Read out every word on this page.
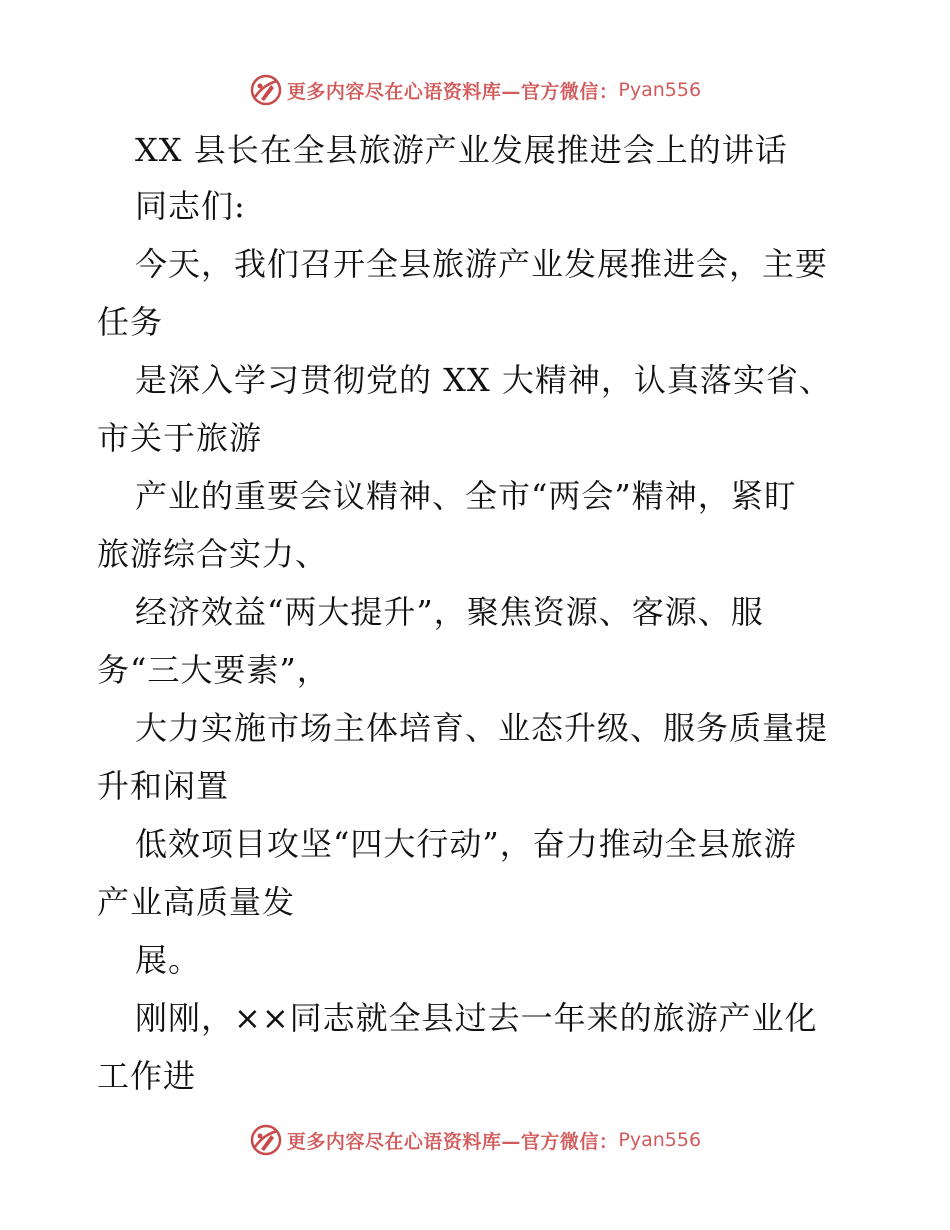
更多内容尽在心语资料库—官方微信： Pyan556
XX 县长在全县旅游产业发展推进会上的讲话
同志们:
今天，我们召开全县旅游产业发展推进会，主要
任务
是深入学习贯彻党的 XX 大精神，认真落实省、
市关于旅游
产业的重要会议精神、全市“两会”精神，紧盯
旅游综合实力、
经济效益“两大提升”，聚焦资源、客源、服
务“三大要素”，
大力实施市场主体培育、业态升级、服务质量提
升和闲置
低效项目攻坚“四大行动”，奋力推动全县旅游
产业高质量发
展。
刚刚，××同志就全县过去一年来的旅游产业化
工作进
更多内容尽在心语资料库—官方微信： Pyan556
